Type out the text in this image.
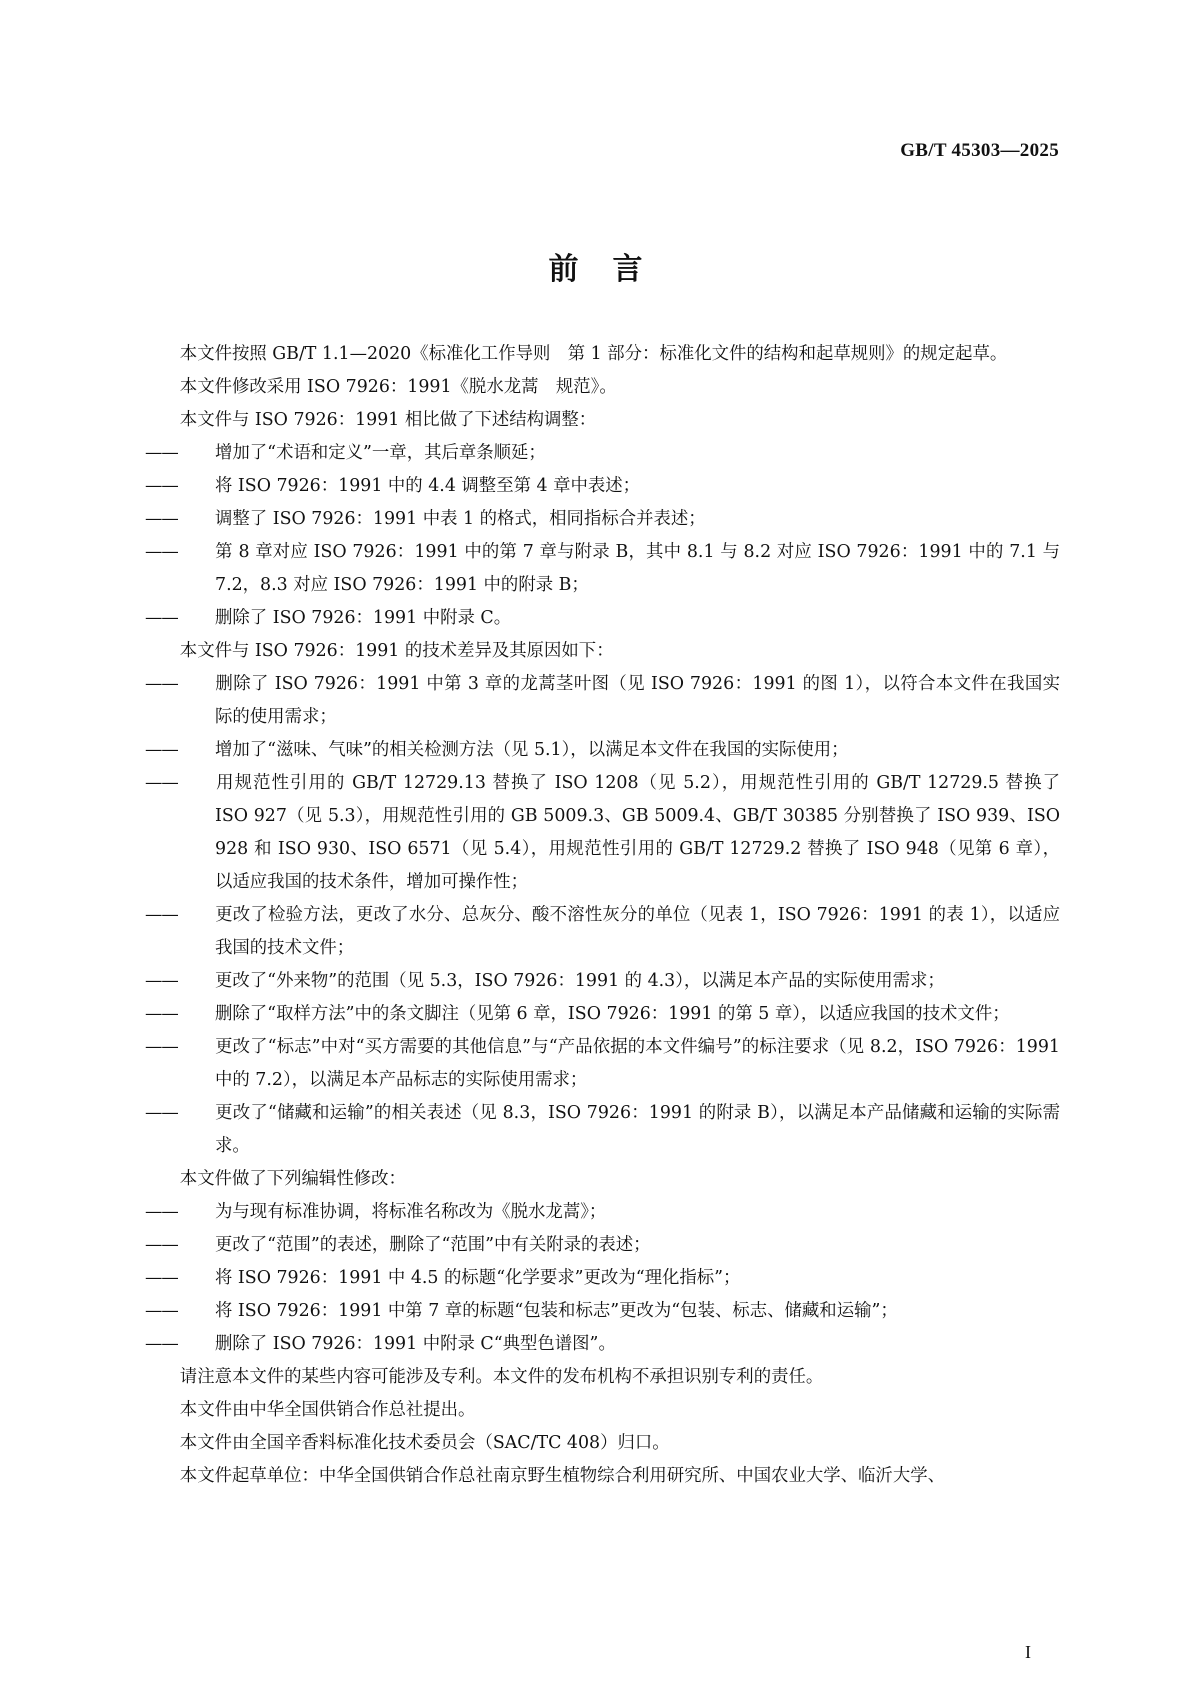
GB/T 45303—2025
前言
本文件按照 GB/T 1.1—2020《标准化工作导则　第 1 部分：标准化文件的结构和起草规则》的规定起草。
本文件修改采用 ISO 7926：1991《脱水龙蒿　规范》。
本文件与 ISO 7926：1991 相比做了下述结构调整：
—— 增加了“术语和定义”一章，其后章条顺延；
—— 将 ISO 7926：1991 中的 4.4 调整至第 4 章中表述；
—— 调整了 ISO 7926：1991 中表 1 的格式，相同指标合并表述；
—— 第 8 章对应 ISO 7926：1991 中的第 7 章与附录 B，其中 8.1 与 8.2 对应 ISO 7926：1991 中的 7.1 与 7.2，8.3 对应 ISO 7926：1991 中的附录 B；
—— 删除了 ISO 7926：1991 中附录 C。
本文件与 ISO 7926：1991 的技术差异及其原因如下：
—— 删除了 ISO 7926：1991 中第 3 章的龙蒿茎叶图（见 ISO 7926：1991 的图 1），以符合本文件在我国实际的使用需求；
—— 增加了“滋味、气味”的相关检测方法（见 5.1），以满足本文件在我国的实际使用；
—— 用规范性引用的 GB/T 12729.13 替换了 ISO 1208（见 5.2），用规范性引用的 GB/T 12729.5 替换了 ISO 927（见 5.3），用规范性引用的 GB 5009.3、GB 5009.4、GB/T 30385 分别替换了 ISO 939、ISO 928 和 ISO 930、ISO 6571（见 5.4），用规范性引用的 GB/T 12729.2 替换了 ISO 948（见第 6 章），以适应我国的技术条件，增加可操作性；
—— 更改了检验方法，更改了水分、总灰分、酸不溶性灰分的单位（见表 1，ISO 7926：1991 的表 1），以适应我国的技术文件；
—— 更改了“外来物”的范围（见 5.3，ISO 7926：1991 的 4.3），以满足本产品的实际使用需求；
—— 删除了“取样方法”中的条文脚注（见第 6 章，ISO 7926：1991 的第 5 章），以适应我国的技术文件；
—— 更改了“标志”中对“买方需要的其他信息”与“产品依据的本文件编号”的标注要求（见 8.2，ISO 7926：1991 中的 7.2），以满足本产品标志的实际使用需求；
—— 更改了“储藏和运输”的相关表述（见 8.3，ISO 7926：1991 的附录 B），以满足本产品储藏和运输的实际需求。
本文件做了下列编辑性修改：
—— 为与现有标准协调，将标准名称改为《脱水龙蒿》；
—— 更改了“范围”的表述，删除了“范围”中有关附录的表述；
—— 将 ISO 7926：1991 中 4.5 的标题“化学要求”更改为“理化指标”；
—— 将 ISO 7926：1991 中第 7 章的标题“包装和标志”更改为“包装、标志、储藏和运输”；
—— 删除了 ISO 7926：1991 中附录 C“典型色谱图”。
请注意本文件的某些内容可能涉及专利。本文件的发布机构不承担识别专利的责任。
本文件由中华全国供销合作总社提出。
本文件由全国辛香料标准化技术委员会（SAC/TC 408）归口。
本文件起草单位：中华全国供销合作总社南京野生植物综合利用研究所、中国农业大学、临沂大学、
I
